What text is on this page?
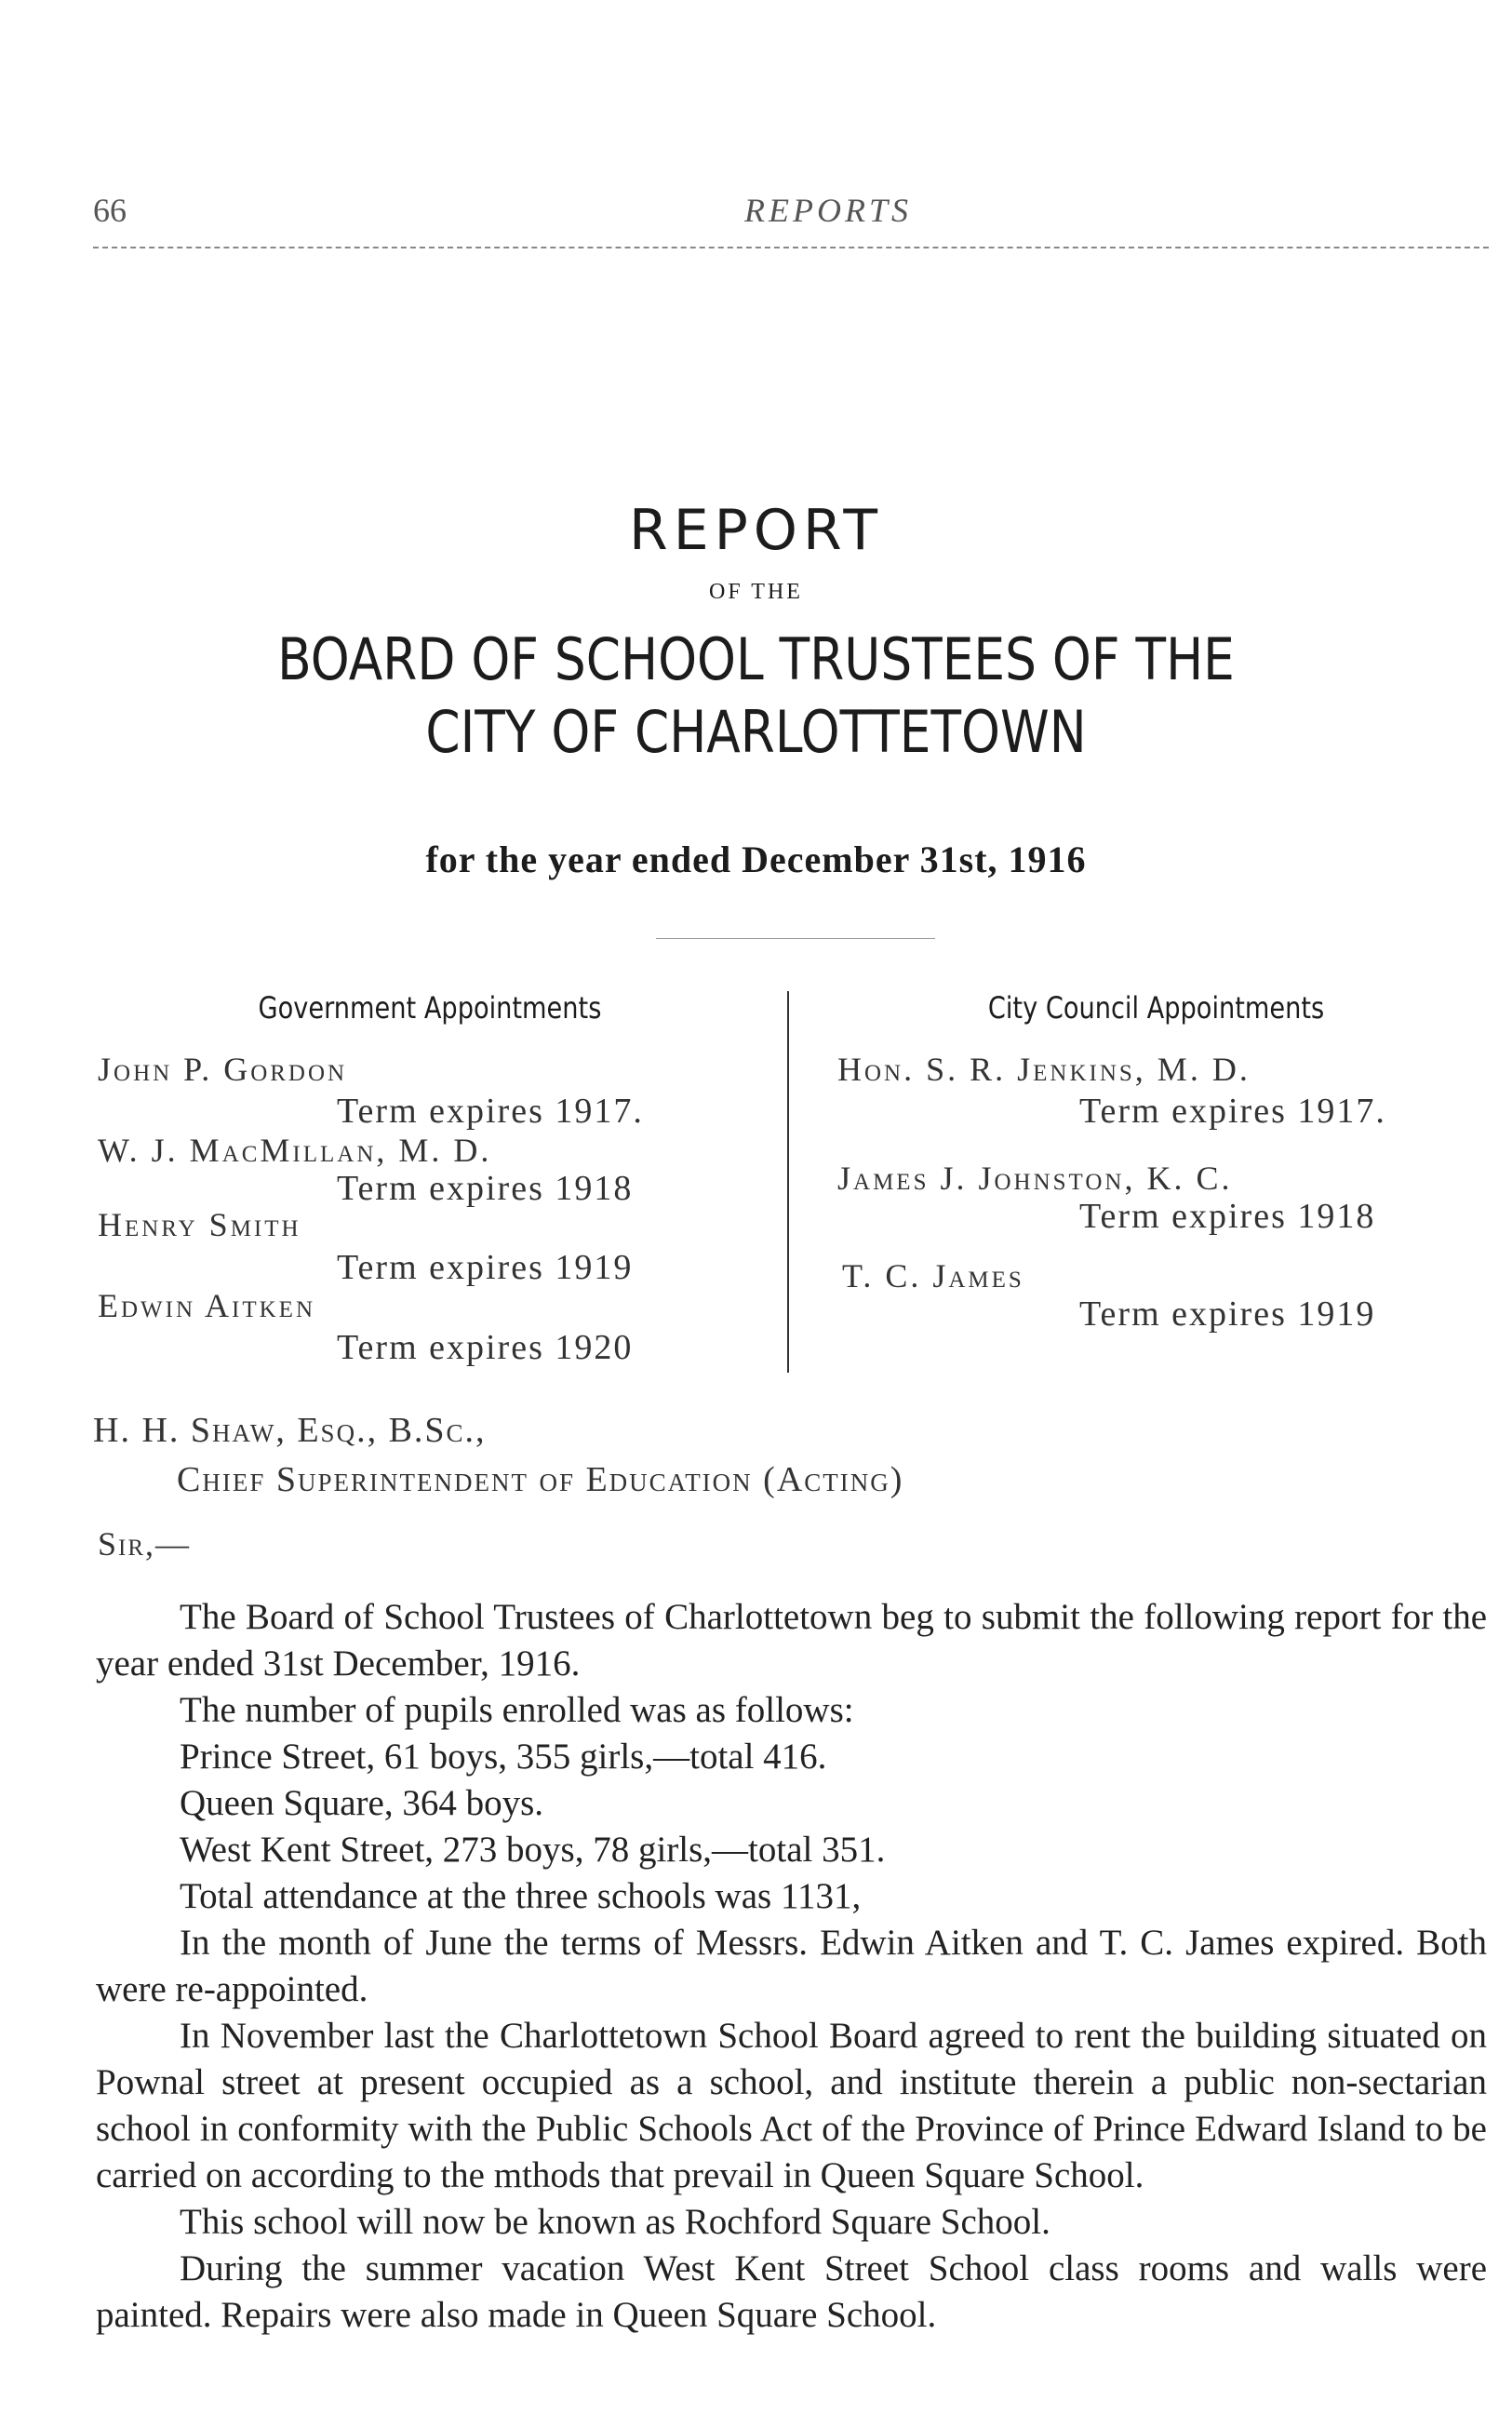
66	REPORTS
REPORT
OF THE
BOARD OF SCHOOL TRUSTEES OF THE
CITY OF CHARLOTTETOWN
for the year ended December 31st, 1916
Government Appointments
John P. Gordon
Term expires 1917.
W. J. MacMillan, M. D.
Term expires 1918
Henry Smith
Term expires 1919
Edwin Aitken
Term expires 1920
City Council Appointments
Hon. S. R. Jenkins, M. D.
Term expires 1917.
James J. Johnston, K. C.
Term expires 1918
T. C. James
Term expires 1919
H. H. Shaw, Esq., B.Sc.,
Chief Superintendent of Education (Acting)
Sir,—

The Board of School Trustees of Charlottetown beg to submit the following report for the year ended 31st December, 1916.

The number of pupils enrolled was as follows:

Prince Street, 61 boys, 355 girls,—total 416.

Queen Square, 364 boys.

West Kent Street, 273 boys, 78 girls,—total 351.

Total attendance at the three schools was 1131,

In the month of June the terms of Messrs. Edwin Aitken and T. C. James expired. Both were re-appointed.

In November last the Charlottetown School Board agreed to rent the building situated on Pownal street at present occupied as a school, and institute therein a public non-sectarian school in conformity with the Public Schools Act of the Province of Prince Edward Island to be carried on according to the mthods that prevail in Queen Square School.

This school will now be known as Rochford Square School.

During the summer vacation West Kent Street School class rooms and walls were painted. Repairs were also made in Queen Square School.
